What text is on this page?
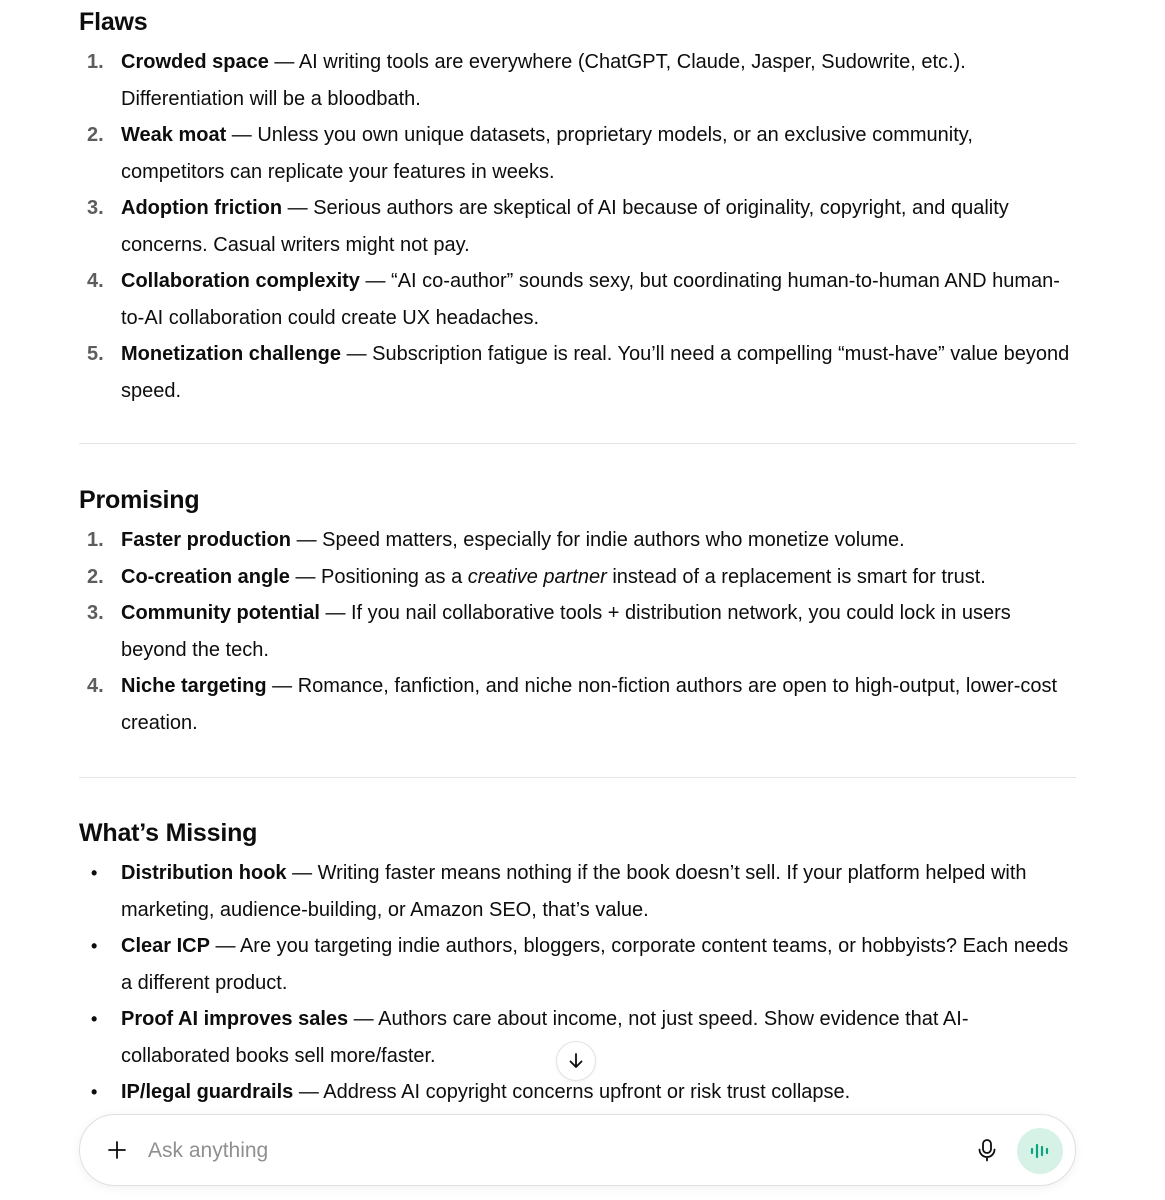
Flaws
1. Crowded space — AI writing tools are everywhere (ChatGPT, Claude, Jasper, Sudowrite, etc.). Differentiation will be a bloodbath.
2. Weak moat — Unless you own unique datasets, proprietary models, or an exclusive community, competitors can replicate your features in weeks.
3. Adoption friction — Serious authors are skeptical of AI because of originality, copyright, and quality concerns. Casual writers might not pay.
4. Collaboration complexity — “AI co-author” sounds sexy, but coordinating human-to-human AND human-to-AI collaboration could create UX headaches.
5. Monetization challenge — Subscription fatigue is real. You’ll need a compelling “must-have” value beyond speed.
Promising
1. Faster production — Speed matters, especially for indie authors who monetize volume.
2. Co-creation angle — Positioning as a creative partner instead of a replacement is smart for trust.
3. Community potential — If you nail collaborative tools + distribution network, you could lock in users beyond the tech.
4. Niche targeting — Romance, fanfiction, and niche non-fiction authors are open to high-output, lower-cost creation.
What’s Missing
• Distribution hook — Writing faster means nothing if the book doesn’t sell. If your platform helped with marketing, audience-building, or Amazon SEO, that’s value.
• Clear ICP — Are you targeting indie authors, bloggers, corporate content teams, or hobbyists? Each needs a different product.
• Proof AI improves sales — Authors care about income, not just speed. Show evidence that AI-collaborated books sell more/faster.
• IP/legal guardrails — Address AI copyright concerns upfront or risk trust collapse.
Ask anything
